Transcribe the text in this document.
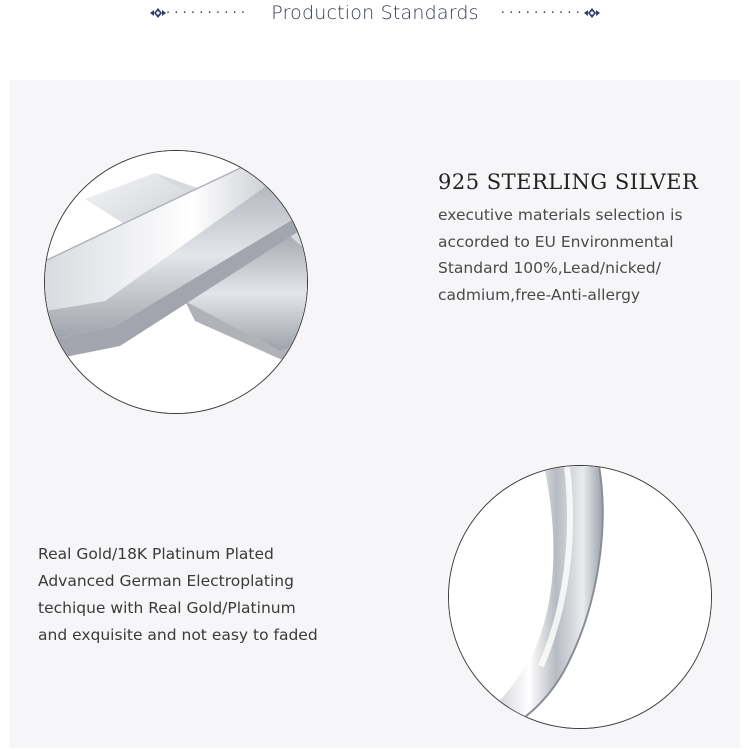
·········· Production Standards ··········
925 STERLING SILVER
executive materials selection is
accorded to EU Environmental
Standard 100%,Lead/nicked/
cadmium,free-Anti-allergy
Real Gold/18K Platinum Plated
Advanced German Electroplating
techique with Real Gold/Platinum
and exquisite and not easy to faded
